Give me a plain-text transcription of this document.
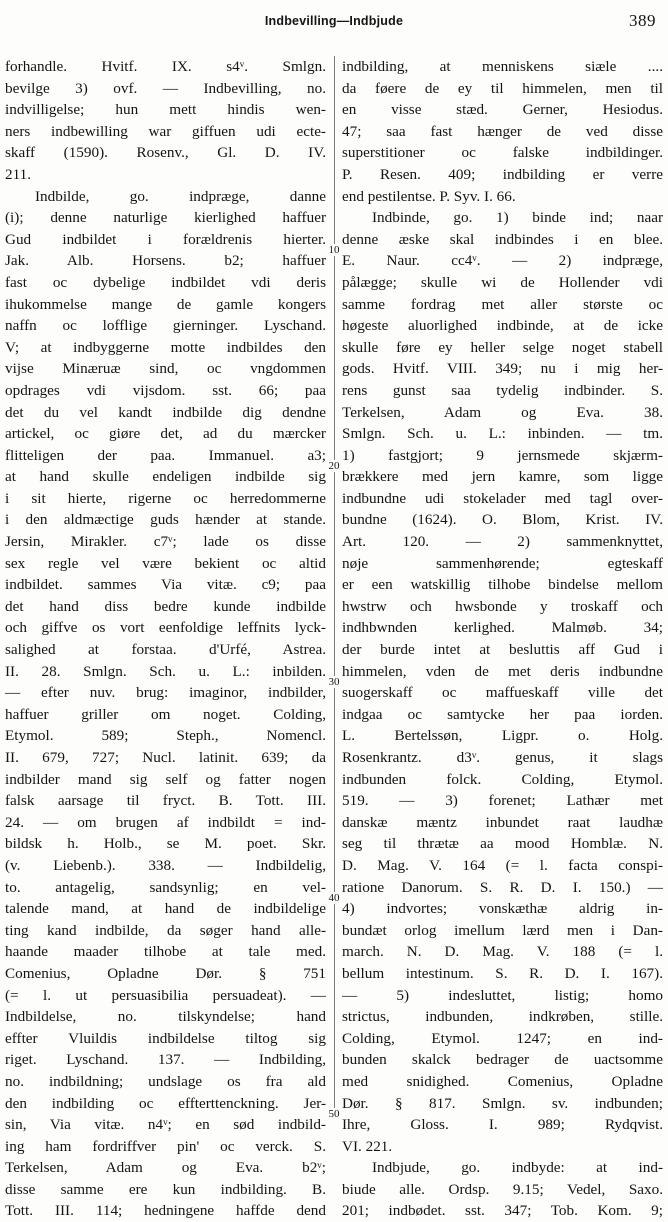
Indbevilling—Indbjude	389
forhandle. Hvitf. IX. s4ᵛ. Smlgn.
bevilge 3) ovf. — Indbevilling, no.
indvilligelse; hun mett hindis wen-
ners indbewilling war giffuen udi ecte-
skaff (1590). Rosenv., Gl. D. IV.
211.
Indbilde, go. indpræge, danne
(i); denne naturlige kierlighed haffuer
Gud indbildet i forældrenis hierter.
Jak. Alb. Horsens. b2; haffuer
fast oc dybelige indbildet vdi deris
ihukommelse mange de gamle kongers
naffn oc lofflige gierninger. Lyschand.
V; at indbyggerne motte indbildes den
vijse Minæruæ sind, oc vngdommen
opdrages vdi vijsdom. sst. 66; paa
det du vel kandt indbilde dig dendne
artickel, oc giøre det, ad du mærcker
flitteligen der paa. Immanuel. a3;
at hand skulle endeligen indbilde sig
i sit hierte, rigerne oc herredommerne
i den aldmæctige guds hænder at stande.
Jersin, Mirakler. c7ᵛ; lade os disse
sex regle vel være bekient oc altid
indbildet. sammes Via vitæ. c9; paa
det hand diss bedre kunde indbilde
och giffve os vort eenfoldige leffnits lyck-
salighed at forstaa. d'Urfé, Astrea.
II. 28. Smlgn. Sch. u. L.: inbilden.
— efter nuv. brug: imaginor, indbilder,
haffuer griller om noget. Colding,
Etymol. 589; Steph., Nomencl.
II. 679, 727; Nucl. latinit. 639; da
indbilder mand sig self og fatter nogen
falsk aarsage til fryct. B. Tott. III.
24. — om brugen af indbildt = ind-
bildsk h. Holb., se M. poet. Skr.
(v. Liebenb.). 338. — Indbildelig,
to. antagelig, sandsynlig; en vel-
talende mand, at hand de indbildelige
ting kand indbilde, da søger hand alle-
haande maader tilhobe at tale med.
Comenius, Opladne Dør. § 751
(= l. ut persuasibilia persuadeat). —
Indbildelse, no. tilskyndelse; hand
effter Vluildis indbildelse tiltog sig
riget. Lyschand. 137. — Indbilding,
no. indbildning; undslage os fra ald
den indbilding oc effterttenckning. Jer-
sin, Via vitæ. n4ᵛ; en sød indbild-
ing ham fordriffver pin' oc verck. S.
Terkelsen, Adam og Eva. b2ᵛ;
disse samme ere kun indbilding. B.
Tott. III. 114; hedningene haffde dend
indbilding, at menniskens siæle ....
da føere de ey til himmelen, men til
en visse stæd. Gerner, Hesiodus.
47; saa fast hænger de ved disse
superstitioner oc falske indbildinger.
P. Resen. 409; indbilding er verre
end pestilentse. P. Syv. I. 66.
Indbinde, go. 1) binde ind; naar
denne æske skal indbindes i en blee.
E. Naur. cc4ᵛ. — 2) indpræge,
pålægge; skulle wi de Hollender vdi
samme fordrag met aller største oc
høgeste aluorlighed indbinde, at de icke
skulle føre ey heller selge noget stabell
gods. Hvitf. VIII. 349; nu i mig her-
rens gunst saa tydelig indbinder. S.
Terkelsen, Adam og Eva. 38.
Smlgn. Sch. u. L.: inbinden. — tm.
1) fastgjort; 9 jernsmede skjærm-
brækkere med jern kamre, som ligge
indbundne udi stokelader med tagl over-
bundne (1624). O. Blom, Krist. IV.
Art. 120. — 2) sammenknyttet,
nøje sammenhørende; egteskaff
er een watskillig tilhobe bindelse mellom
hwstrw och hwsbonde y troskaff och
indhbwnden kerlighed. Malmøb. 34;
der burde intet at besluttis aff Gud i
himmelen, vden de met deris indbundne
suogerskaff oc maffueskaff ville det
indgaa oc samtycke her paa iorden.
L. Bertelssøn, Ligpr. o. Holg.
Rosenkrantz. d3ᵛ. genus, it slags
indbunden folck. Colding, Etymol.
519. — 3) forenet; Lathær met
danskæ mæntz inbundet raat laudhæ
seg til thrætæ aa mood Homblæ. N.
D. Mag. V. 164 (= l. facta conspi-
ratione Danorum. S. R. D. I. 150.) —
4) indvortes; vonskæthæ aldrig in-
bundæt orlog imellum lærd men i Dan-
march. N. D. Mag. V. 188 (= l.
bellum intestinum. S. R. D. I. 167).
— 5) indesluttet, listig; homo
strictus, indbunden, indkrøben, stille.
Colding, Etymol. 1247; en ind-
bunden skalck bedrager de uactsomme
med snidighed. Comenius, Opladne
Dør. § 817. Smlgn. sv. indbunden;
Ihre, Gloss. I. 989; Rydqvist.
VI. 221.
Indbjude, go. indbyde: at ind-
biude alle. Ordsp. 9.15; Vedel, Saxo.
201; indbødet. sst. 347; Tob. Kom. 9;
10
20
30
40
50
